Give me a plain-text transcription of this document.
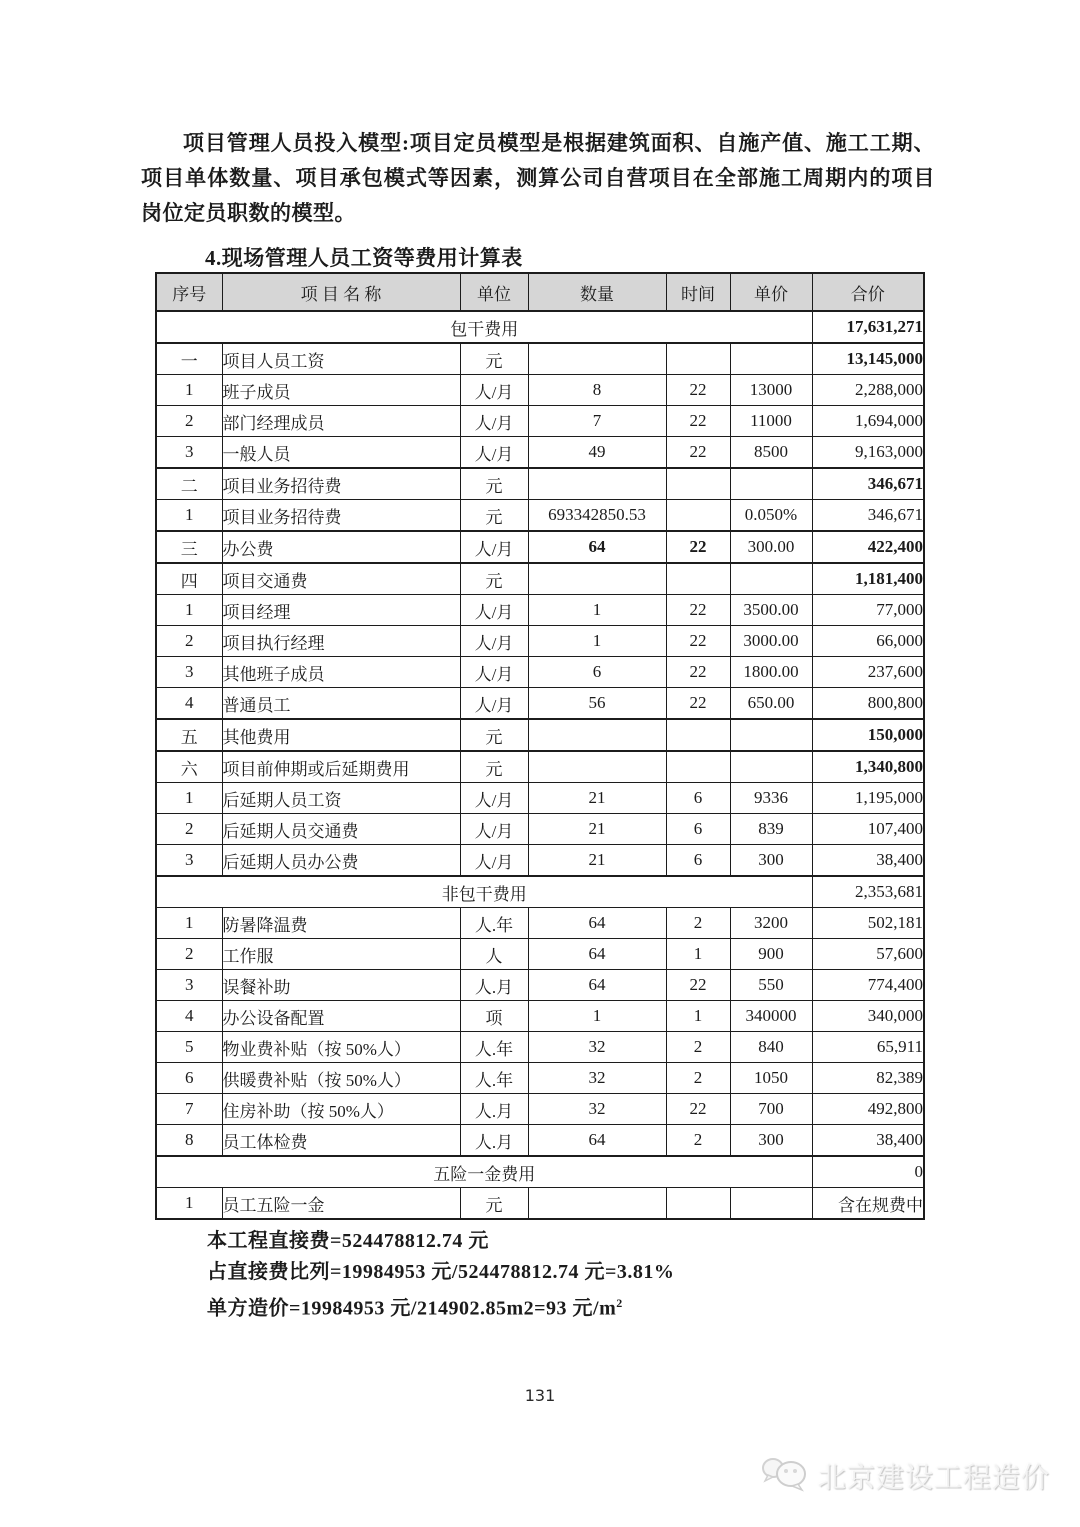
项目管理人员投入模型:项目定员模型是根据建筑面积、自施产值、施工工期、项目单体数量、项目承包模式等因素，测算公司自营项目在全部施工周期内的项目岗位定员职数的模型。
4.现场管理人员工资等费用计算表
序号	项 目 名 称	单位	数量	时间	单价	合价
包干费用						17,631,271
一	项目人员工资	元				13,145,000
1	班子成员	人/月	8	22	13000	2,288,000
2	部门经理成员	人/月	7	22	11000	1,694,000
3	一般人员	人/月	49	22	8500	9,163,000
二	项目业务招待费	元				346,671
1	项目业务招待费	元	693342850.53		0.050%	346,671
三	办公费	人/月	64	22	300.00	422,400
四	项目交通费	元				1,181,400
1	项目经理	人/月	1	22	3500.00	77,000
2	项目执行经理	人/月	1	22	3000.00	66,000
3	其他班子成员	人/月	6	22	1800.00	237,600
4	普通员工	人/月	56	22	650.00	800,800
五	其他费用	元				150,000
六	项目前伸期或后延期费用	元				1,340,800
1	后延期人员工资	人/月	21	6	9336	1,195,000
2	后延期人员交通费	人/月	21	6	839	107,400
3	后延期人员办公费	人/月	21	6	300	38,400
非包干费用						2,353,681
1	防暑降温费	人.年	64	2	3200	502,181
2	工作服	人	64	1	900	57,600
3	误餐补助	人.月	64	22	550	774,400
4	办公设备配置	项	1	1	340000	340,000
5	物业费补贴（按 50%人）	人.年	32	2	840	65,911
6	供暖费补贴（按 50%人）	人.年	32	2	1050	82,389
7	住房补助（按 50%人）	人.月	32	22	700	492,800
8	员工体检费	人.月	64	2	300	38,400
五险一金费用						0
1	员工五险一金	元				含在规费中
本工程直接费=524478812.74 元
占直接费比列=19984953 元/524478812.74 元=3.81%
单方造价=19984953 元/214902.85m2=93 元$/m^2$
131
北京建设工程造价
